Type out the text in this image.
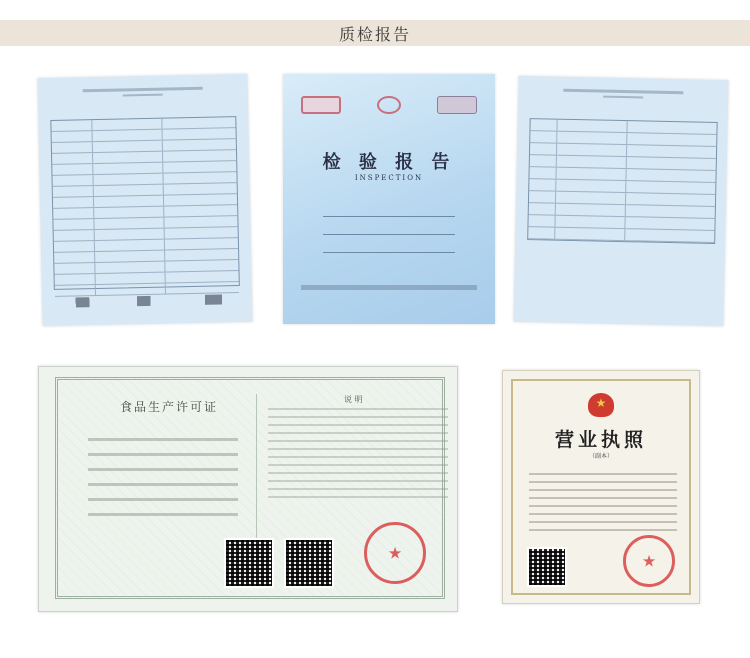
质检报告
检 验 报 告
INSPECTION
食品生产许可证
说 明
★
★
营业执照
（副本）
★
